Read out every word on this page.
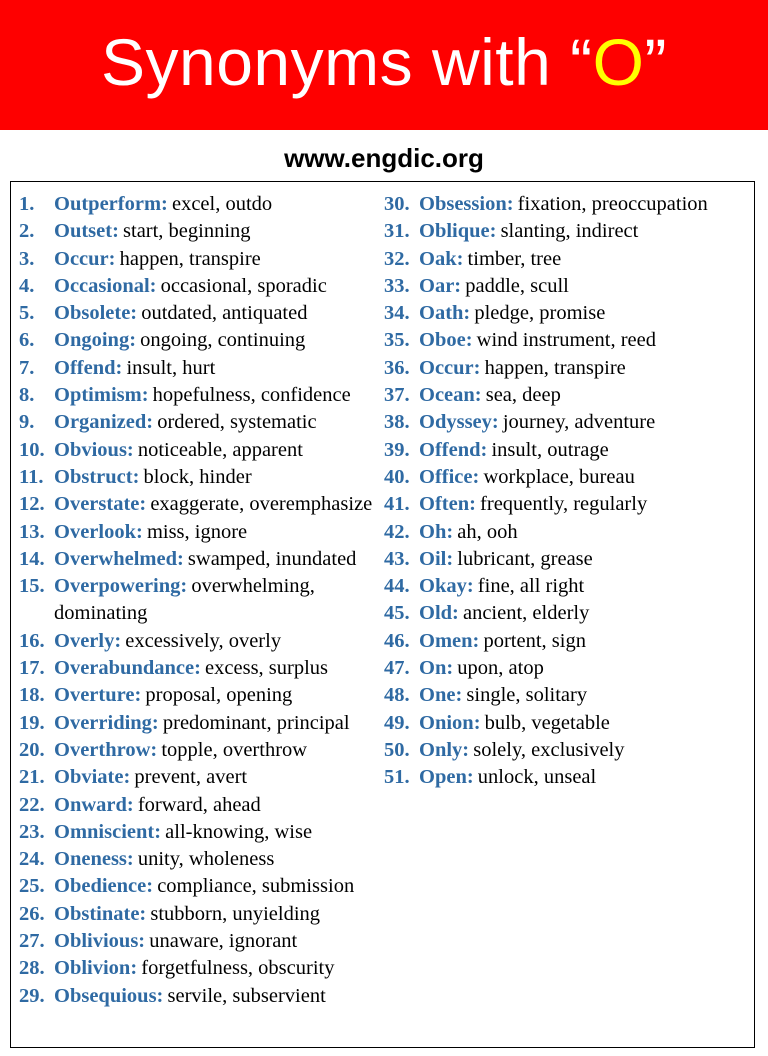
Synonyms with “O”
www.engdic.org
1. Outperform:  excel, outdo
2. Outset:  start, beginning
3. Occur:  happen, transpire
4. Occasional:  occasional, sporadic
5. Obsolete:  outdated, antiquated
6. Ongoing:  ongoing, continuing
7. Offend:  insult, hurt
8. Optimism:  hopefulness, confidence
9. Organized:  ordered, systematic
10. Obvious:  noticeable, apparent
11. Obstruct:  block, hinder
12. Overstate:  exaggerate, overemphasize
13. Overlook:  miss, ignore
14. Overwhelmed:  swamped, inundated
15. Overpowering:  overwhelming, dominating
16. Overly:  excessively, overly
17. Overabundance:  excess, surplus
18. Overture:  proposal, opening
19. Overriding:  predominant, principal
20. Overthrow:  topple, overthrow
21. Obviate:  prevent, avert
22. Onward:  forward, ahead
23. Omniscient:  all-knowing, wise
24. Oneness:  unity, wholeness
25. Obedience:  compliance, submission
26. Obstinate:  stubborn, unyielding
27. Oblivious:  unaware, ignorant
28. Oblivion:  forgetfulness, obscurity
29. Obsequious:  servile, subservient
30. Obsession:  fixation, preoccupation
31. Oblique:  slanting, indirect
32. Oak:  timber, tree
33. Oar:  paddle, scull
34. Oath:  pledge, promise
35. Oboe:  wind instrument, reed
36. Occur:  happen, transpire
37. Ocean:  sea, deep
38. Odyssey:  journey, adventure
39. Offend:  insult, outrage
40. Office:  workplace, bureau
41. Often:  frequently, regularly
42. Oh:  ah, ooh
43. Oil:  lubricant, grease
44. Okay:  fine, all right
45. Old:  ancient, elderly
46. Omen:  portent, sign
47. On:  upon, atop
48. One:  single, solitary
49. Onion:  bulb, vegetable
50. Only:  solely, exclusively
51. Open:  unlock, unseal
